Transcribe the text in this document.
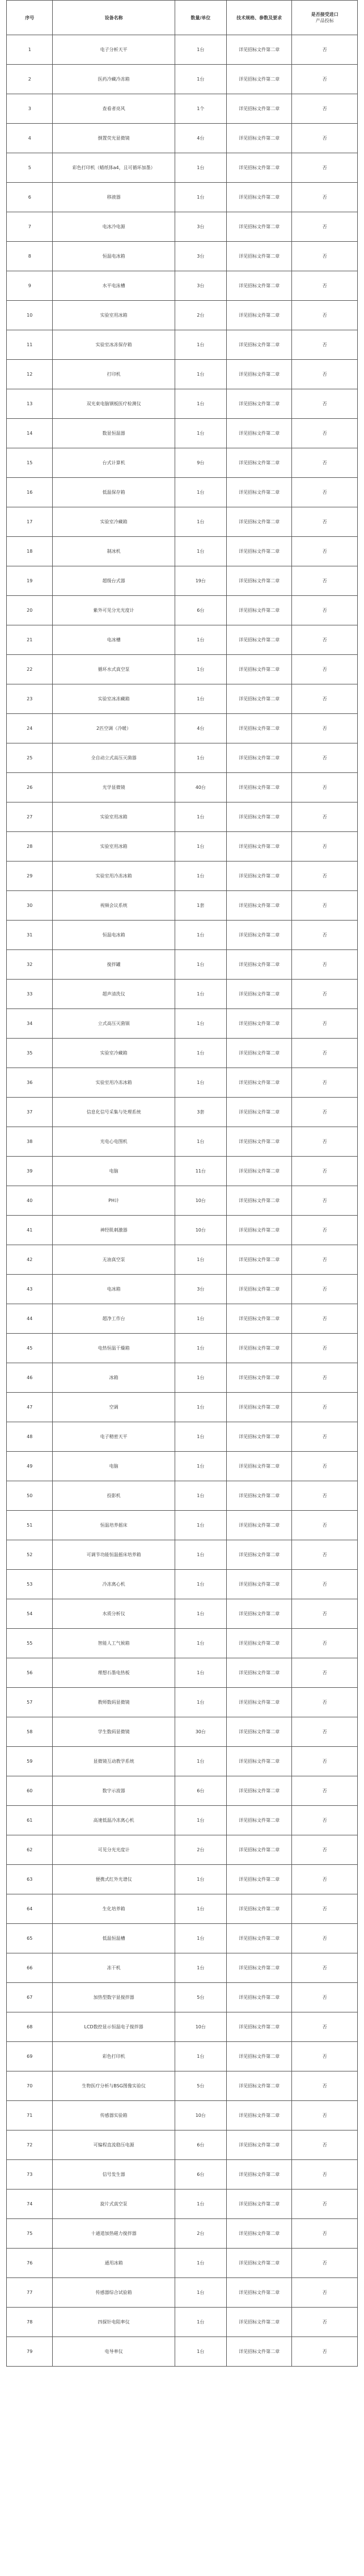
序号	设备名称	数量/单位	技术规格、参数及要求	是否接受进口
产品投标

1	电子分析天平	1台	详见招标文件第二章	否
2	医药冷藏冷冻箱	1台	详见招标文件第二章	否
3	查看者亮风	1个	详见招标文件第二章	否
4	倒置荧光显微镜	4台	详见招标文件第二章	否
5	彩色打印机（蜡纸体a4，且可循环加墨）	1台	详见招标文件第二章	否
6	移液器	1台	详见招标文件第二章	否
7	电冰冷电源	3台	详见招标文件第二章	否
8	恒温电冰箱	3台	详见招标文件第二章	否
9	水平电泳槽	3台	详见招标文件第二章	否
10	实验室用冰箱	2台	详见招标文件第二章	否
11	实验室冰冻保存箱	1台	详见招标文件第二章	否
12	打印机	1台	详见招标文件第二章	否
13	双光束电脑钢板医疗检测仪	1台	详见招标文件第二章	否
14	数显恒温器	1台	详见招标文件第二章	否
15	台式计算机	9台	详见招标文件第二章	否
16	低温保存箱	1台	详见招标文件第二章	否
17	实验室冷藏箱	1台	详见招标文件第二章	否
18	制冰机	1台	详见招标文件第二章	否
19	超级台式器	19台	详见招标文件第二章	否
20	紫外可见分光光度计	6台	详见招标文件第二章	否
21	电冰槽	1台	详见招标文件第二章	否
22	循环水式真空泵	1台	详见招标文件第二章	否
23	实验室冰冻藏箱	1台	详见招标文件第二章	否
24	2匹空调（冷暖）	4台	详见招标文件第二章	否
25	全自动立式高压灭菌器	1台	详见招标文件第二章	否
26	光学显微镜	40台	详见招标文件第二章	否
27	实验室用冰箱	1台	详见招标文件第二章	否
28	实验室用冰箱	1台	详见招标文件第二章	否
29	实验室用冷冻冰箱	1台	详见招标文件第二章	否
30	视频会议系统	1套	详见招标文件第二章	否
31	恒温电冰箱	1台	详见招标文件第二章	否
32	搅拌罐	1台	详见招标文件第二章	否
33	超声清洗仪	1台	详见招标文件第二章	否
34	立式高压灭菌锅	1台	详见招标文件第二章	否
35	实验室冷藏箱	1台	详见招标文件第二章	否
36	实验室用冷冻冰箱	1台	详见招标文件第二章	否
37	信息化信号采集与处理系统	3套	详见招标文件第二章	否
38	光电心电图机	1台	详见招标文件第二章	否
39	电脑	11台	详见招标文件第二章	否
40	PH计	10台	详见招标文件第二章	否
41	神经肌刺激器	10台	详见招标文件第二章	否
42	无油真空泵	1台	详见招标文件第二章	否
43	电冰箱	3台	详见招标文件第二章	否
44	超净工作台	1台	详见招标文件第二章	否
45	电热恒温干燥箱	1台	详见招标文件第二章	否
46	冰箱	1台	详见招标文件第二章	否
47	空调	1台	详见招标文件第二章	否
48	电子精密天平	1台	详见招标文件第二章	否
49	电脑	1台	详见招标文件第二章	否
50	投影机	1台	详见招标文件第二章	否
51	恒温培养摇床	1台	详见招标文件第二章	否
52	可调节功能恒温摇床培养箱	1台	详见招标文件第二章	否
53	冷冻离心机	1台	详见招标文件第二章	否
54	水质分析仪	1台	详见招标文件第二章	否
55	智能人工气候箱	1台	详见招标文件第二章	否
56	理想石墨电热板	1台	详见招标文件第二章	否
57	教师数码显微镜	1台	详见招标文件第二章	否
58	学生数码显微镜	30台	详见招标文件第二章	否
59	显微镜互动教学系统	1台	详见招标文件第二章	否
60	数字示波器	6台	详见招标文件第二章	否
61	高速低温冷冻离心机	1台	详见招标文件第二章	否
62	可见分光光度计	2台	详见招标文件第二章	否
63	便携式红外光谱仪	1台	详见招标文件第二章	否
64	生化培养箱	1台	详见招标文件第二章	否
65	低温恒温槽	1台	详见招标文件第二章	否
66	冻干机	1台	详见招标文件第二章	否
67	加热型数字显搅拌器	5台	详见招标文件第二章	否
68	LCD数控显示恒温电子搅拌器	10台	详见招标文件第二章	否
69	彩色打印机	1台	详见招标文件第二章	否
70	生物医疗分析与BSG图像实验仪	5台	详见招标文件第二章	否
71	传感器实验箱	10台	详见招标文件第二章	否
72	可编程直流稳压电源	6台	详见招标文件第二章	否
73	信号发生器	6台	详见招标文件第二章	否
74	旋片式真空泵	1台	详见招标文件第二章	否
75	十通道加热磁力搅拌器	2台	详见招标文件第二章	否
76	通用冰箱	1台	详见招标文件第二章	否
77	传感器综合试验箱	1台	详见招标文件第二章	否
78	四探针电阻率仪	1台	详见招标文件第二章	否
79	电导率仪	1台	详见招标文件第二章	否
